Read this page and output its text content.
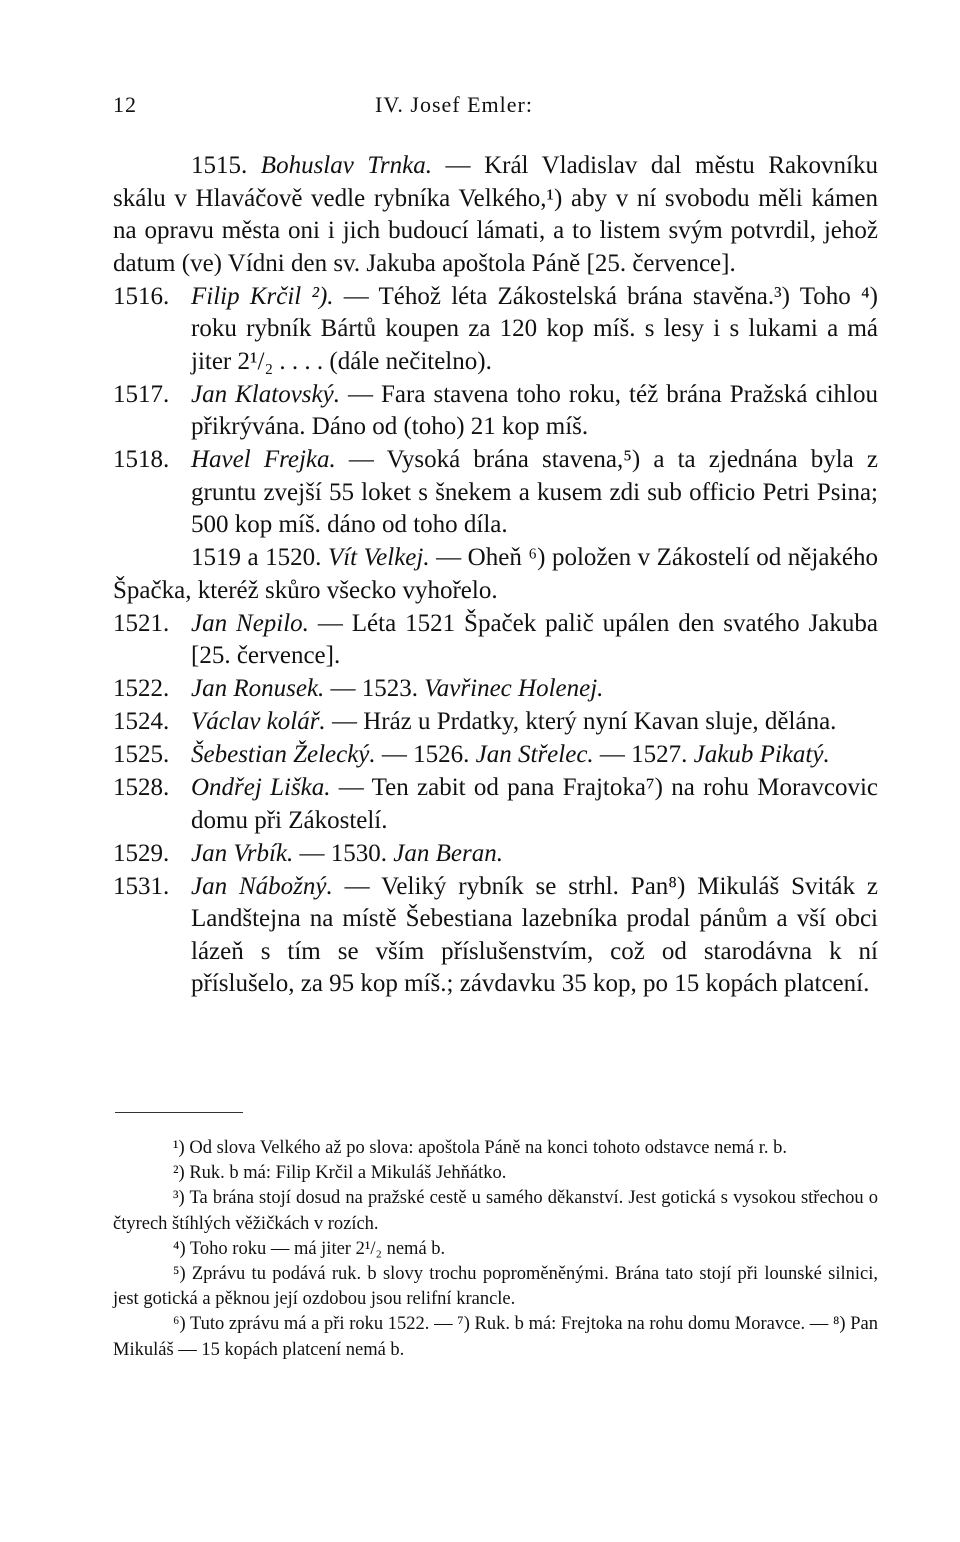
12	IV. Josef Emler:

1515. Bohuslav Trnka. — Král Vladislav dal městu Rakovníku skálu v Hlaváčově vedle rybníka Velkého,¹) aby v ní svobodu měli kámen na opravu města oni i jich budoucí lámati, a to listem svým potvrdil, jehož datum (ve) Vídni den sv. Jakuba apoštola Páně [25. července].

1516. Filip Krčil ²). — Téhož léta Zákostelská brána stavěna.³) Toho ⁴) roku rybník Bártů koupen za 120 kop míš. s lesy i s lukami a má jiter 2¹/₂ . . . . (dále nečitelno).

1517. Jan Klatovský. — Fara stavena toho roku, též brána Pražská cihlou přikrývána. Dáno od (toho) 21 kop míš.

1518. Havel Frejka. — Vysoká brána stavena,⁵) a ta zjednána byla z gruntu zvejší 55 loket s šnekem a kusem zdi sub officio Petri Psina; 500 kop míš. dáno od toho díla.

1519 a 1520. Vít Velkej. — Oheň ⁶) položen v Zákostelí od nějakého Špačka, kteréž skůro všecko vyhořelo.

1521. Jan Nepilo. — Léta 1521 Špaček palič upálen den svatého Jakuba [25. července].

1522. Jan Ronusek. — 1523. Vavřinec Holenej.

1524. Václav kolář. — Hráz u Prdatky, který nyní Kavan sluje, dělána.

1525. Šebestian Želecký. — 1526. Jan Střelec. — 1527. Jakub Pikatý.

1528. Ondřej Liška. — Ten zabit od pana Frajtoka⁷) na rohu Moravcovic domu při Zákostelí.

1529. Jan Vrbík. — 1530. Jan Beran.

1531. Jan Nábožný. — Veliký rybník se strhl. Pan⁸) Mikuláš Sviták z Landštejna na místě Šebestiana lazebníka prodal pánům a vší obci lázeň s tím se vším příslušenstvím, což od starodávna k ní příslušelo, za 95 kop míš.; závdavku 35 kop, po 15 kopách platcení.

¹) Od slova Velkého až po slova: apoštola Páně na konci tohoto odstavce nemá r. b.

²) Ruk. b má: Filip Krčil a Mikuláš Jehňátko.

³) Ta brána stojí dosud na pražské cestě u samého děkanství. Jest gotická s vysokou střechou o čtyrech štíhlých věžičkách v rozích.

⁴) Toho roku — má jiter 2¹/₂ nemá b.

⁵) Zprávu tu podává ruk. b slovy trochu poproměněnými. Brána tato stojí při lounské silnici, jest gotická a pěknou její ozdobou jsou relifní krancle.

⁶) Tuto zprávu má a při roku 1522. — ⁷) Ruk. b má: Frejtoka na rohu domu Moravce. — ⁸) Pan Mikuláš — 15 kopách platcení nemá b.
